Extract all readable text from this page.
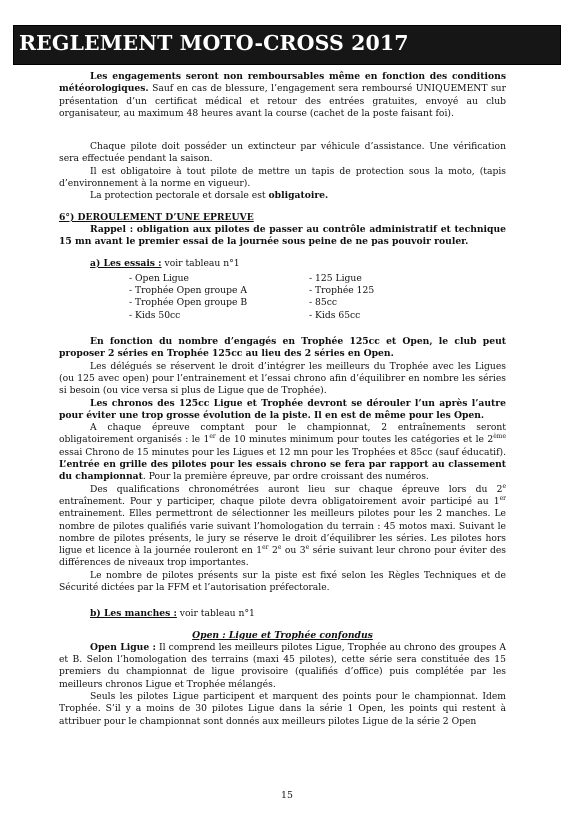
REGLEMENT MOTO-CROSS 2017

Les engagements seront non remboursables même en fonction des conditions météorologiques. Sauf en cas de blessure, l’engagement sera remboursé UNIQUEMENT sur présentation d’un certificat médical et retour des entrées gratuites, envoyé au club organisateur, au maximum 48 heures avant la course (cachet de la poste faisant foi).

Chaque pilote doit posséder un extincteur par véhicule d’assistance. Une vérification sera effectuée pendant la saison.

Il est obligatoire à tout pilote de mettre un tapis de protection sous la moto, (tapis d’environnement à la norme en vigueur).

La protection pectorale et dorsale est obligatoire.

6°) DEROULEMENT D’UNE EPREUVE

Rappel : obligation aux pilotes de passer au contrôle administratif et technique 15 mn avant le premier essai de la journée sous peine de ne pas pouvoir rouler.

a) Les essais : voir tableau n°1

- Open Ligue
- Trophée Open groupe A
- Trophée Open groupe B
- Kids 50cc
- 125 Ligue
- Trophée 125
- 85cc
- Kids 65cc

En fonction du nombre d’engagés en Trophée 125cc et Open, le club peut proposer 2 séries en Trophée 125cc au lieu des 2 séries en Open.

Les délégués se réservent le droit d’intégrer les meilleurs du Trophée avec les Ligues (ou 125 avec open) pour l’entrainement et l’essai chrono afin d’équilibrer en nombre les séries si besoin (ou vice versa si plus de Ligue que de Trophée).

Les chronos des 125cc Ligue et Trophée devront se dérouler l’un après l’autre pour éviter une trop grosse évolution de la piste. Il en est de même pour les Open.

A chaque épreuve comptant pour le championnat, 2 entraînements seront obligatoirement organisés : le 1er de 10 minutes minimum pour toutes les catégories et le 2ème essai Chrono de 15 minutes pour les Ligues et 12 mn pour les Trophées et 85cc (sauf éducatif). L’entrée en grille des pilotes pour les essais chrono se fera par rapport au classement du championnat. Pour la première épreuve, par ordre croissant des numéros.

Des qualifications chronométrées auront lieu sur chaque épreuve lors du 2e entraînement. Pour y participer, chaque pilote devra obligatoirement avoir participé au 1er entrainement. Elles permettront de sélectionner les meilleurs pilotes pour les 2 manches. Le nombre de pilotes qualifiés varie suivant l’homologation du terrain : 45 motos maxi. Suivant le nombre de pilotes présents, le jury se réserve le droit d’équilibrer les séries. Les pilotes hors ligue et licence à la journée rouleront en 1er 2e ou 3e série suivant leur chrono pour éviter des différences de niveaux trop importantes.

Le nombre de pilotes présents sur la piste est fixé selon les Règles Techniques et de Sécurité dictées par la FFM et l’autorisation préfectorale.

b) Les manches : voir tableau n°1

Open : Ligue et Trophée confondus

Open Ligue : Il comprend les meilleurs pilotes Ligue, Trophée au chrono des groupes A et B. Selon l’homologation des terrains (maxi 45 pilotes), cette série sera constituée des 15 premiers du championnat de ligue provisoire (qualifiés d’office) puis complétée par les meilleurs chronos Ligue et Trophée mélangés.

Seuls les pilotes Ligue participent et marquent des points pour le championnat. Idem Trophée. S’il y a moins de 30 pilotes Ligue dans la série 1 Open, les points qui restent à attribuer pour le championnat sont donnés aux meilleurs pilotes Ligue de la série 2 Open

15
